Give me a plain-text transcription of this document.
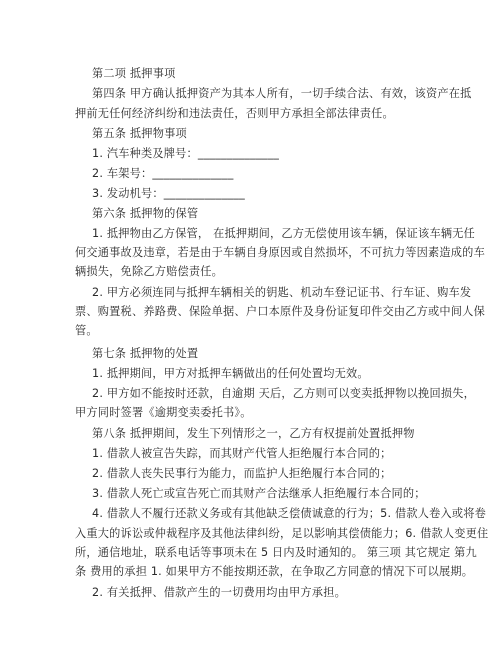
第二项 抵押事项
第四条 甲方确认抵押资产为其本人所有，一切手续合法、有效，该资产在抵
押前无任何经济纠纷和违法责任，否则甲方承担全部法律责任。
第五条 抵押物事项
1. 汽车种类及牌号：______________
2. 车架号：______________
3. 发动机号：______________
第六条 抵押物的保管
1. 抵押物由乙方保管， 在抵押期间，乙方无偿使用该车辆，保证该车辆无任
何交通事故及违章，若是由于车辆自身原因或自然损坏，不可抗力等因素造成的车
辆损失，免除乙方赔偿责任。
2. 甲方必须连同与抵押车辆相关的钥匙、机动车登记证书、行车证、购车发
票、购置税、养路费、保险单据、户口本原件及身份证复印件交由乙方或中间人保
管。
第七条 抵押物的处置
1. 抵押期间，甲方对抵押车辆做出的任何处置均无效。
2. 甲方如不能按时还款，自逾期 天后，乙方则可以变卖抵押物以挽回损失，
甲方同时签署《逾期变卖委托书》。
第八条 抵押期间，发生下列情形之一，乙方有权提前处置抵押物
1. 借款人被宣告失踪，而其财产代管人拒绝履行本合同的；
2. 借款人丧失民事行为能力，而监护人拒绝履行本合同的；
3. 借款人死亡或宣告死亡而其财产合法继承人拒绝履行本合同的；
4. 借款人不履行还款义务或有其他缺乏偿债诚意的行为；5. 借款人卷入或将卷
入重大的诉讼或仲裁程序及其他法律纠纷，足以影响其偿债能力；6. 借款人变更住
所，通信地址，联系电话等事项未在 5 日内及时通知的。 第三项 其它规定 第九
条 费用的承担 1. 如果甲方不能按期还款，在争取乙方同意的情况下可以展期。
2. 有关抵押、借款产生的一切费用均由甲方承担。
